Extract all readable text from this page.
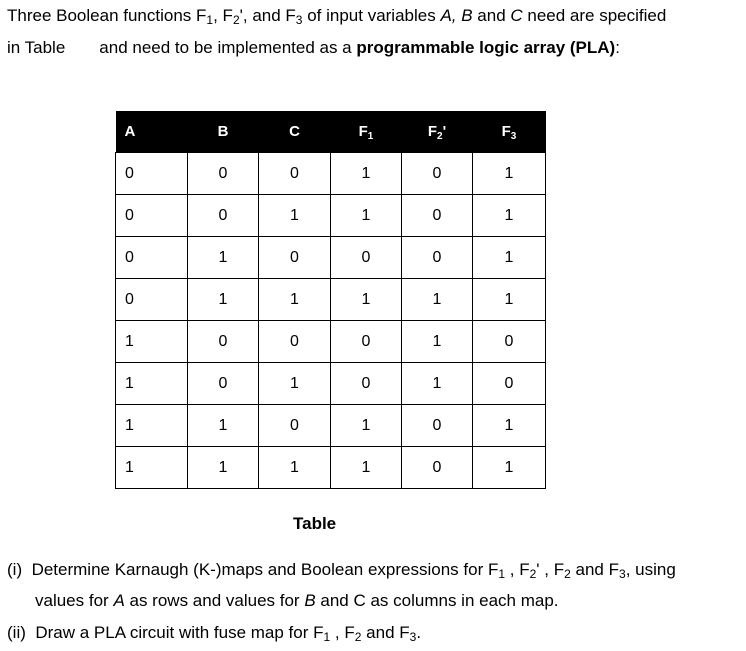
Three Boolean functions F1, F2', and F3 of input variables A, B and C need are specified
in Table and need to be implemented as a programmable logic array (PLA):
A	B	C	$F_1$	$F_2'$	$F_3$
0	0	0	1	0	1
0	0	1	1	0	1
0	1	0	0	0	1
0	1	1	1	1	1
1	0	0	0	1	0
1	0	1	0	1	0
1	1	0	1	0	1
1	1	1	1	0	1
Table
(i) Determine Karnaugh (K-)maps and Boolean expressions for F1 , F2' , F2 and F3, using
values for A as rows and values for B and C as columns in each map.
(ii) Draw a PLA circuit with fuse map for F1 , F2 and F3.
